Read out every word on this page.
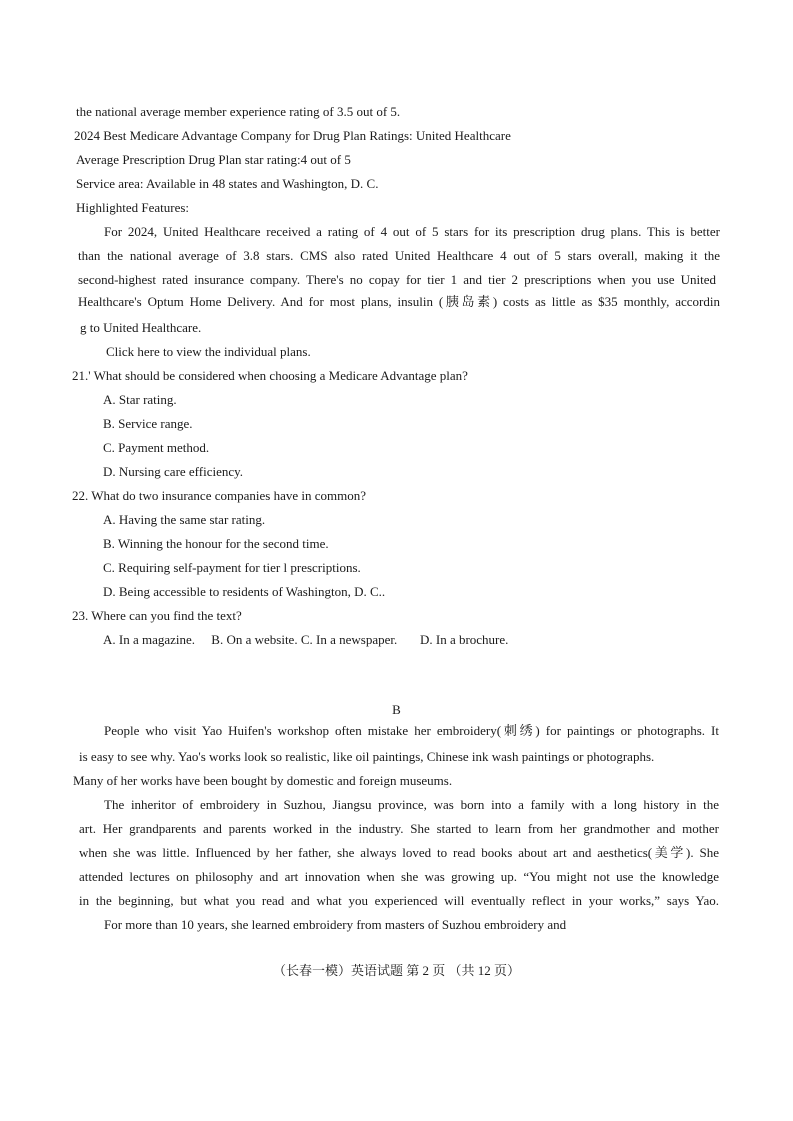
the national average member experience rating of 3.5 out of 5.
2024 Best Medicare Advantage Company for Drug Plan Ratings: United Healthcare
Average Prescription Drug Plan star rating:4 out of 5
Service area: Available in 48 states and Washington, D. C.
Highlighted Features:
For 2024, United Healthcare received a rating of 4 out of 5 stars for its prescription drug plans. This is better
than the national average of 3.8 stars. CMS also rated United Healthcare 4 out of 5 stars overall, making it the
second-highest rated insurance company. There's no copay for tier 1 and tier 2 prescriptions when you use United
Healthcare's Optum Home Delivery. And for most plans, insulin (胰岛素) costs as little as $35 monthly, accordin
g to United Healthcare.
Click here to view the individual plans.
21.' What should be considered when choosing a Medicare Advantage plan?
A. Star rating.
B. Service range.
C. Payment method.
D. Nursing care efficiency.
22. What do two insurance companies have in common?
A. Having the same star rating.
B. Winning the honour for the second time.
C. Requiring self-payment for tier l prescriptions.
D. Being accessible to residents of Washington, D. C..
23. Where can you find the text?
A. In a magazine.     B. On a website. C. In a newspaper.       D. In a brochure.
B
People who visit Yao Huifen's workshop often mistake her embroidery(刺绣) for paintings or photographs. It
is easy to see why. Yao's works look so realistic, like oil paintings, Chinese ink wash paintings or photographs.
Many of her works have been bought by domestic and foreign museums.
The inheritor of embroidery in Suzhou, Jiangsu province, was born into a family with a long history in the
art. Her grandparents and parents worked in the industry. She started to learn from her grandmother and mother
when she was little. Influenced by her father, she always loved to read books about art and aesthetics(美学). She
attended lectures on philosophy and art innovation when she was growing up. “You might not use the knowledge
in the beginning, but what you read and what you experienced will eventually reflect in your works,” says Yao.
For more than 10 years, she learned embroidery from masters of Suzhou embroidery and
（长春一模）英语试题 第 2 页 （共 12 页）
